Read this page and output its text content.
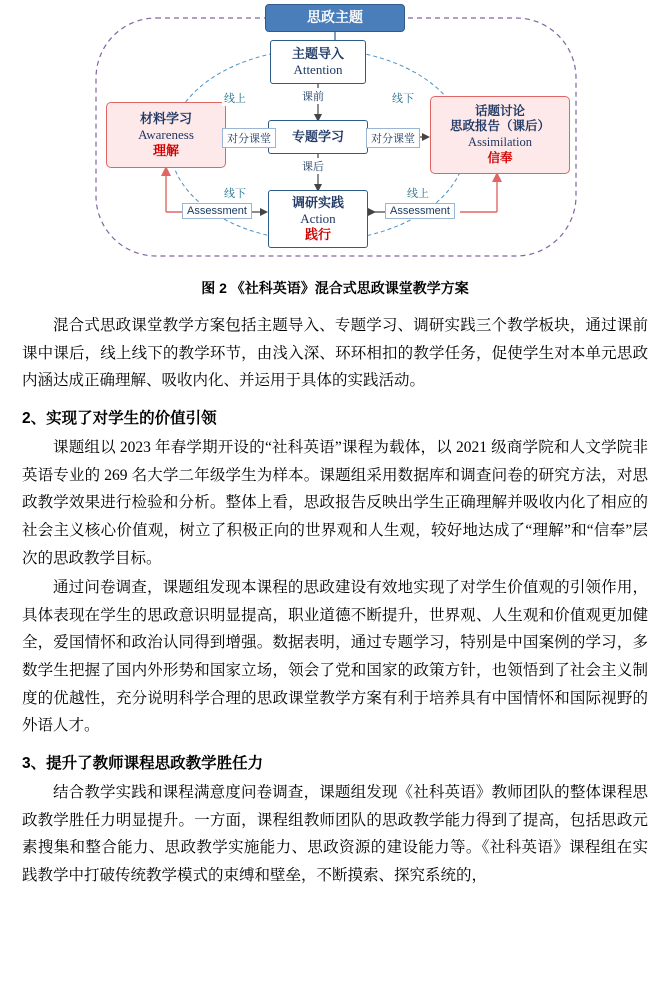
思政主题
主题导入
Attention
专题学习
调研实践
Action
践行
材料学习
Awareness
理解
话题讨论
思政报告（课后）
Assimilation
信奉
线上	线下
线下	线上
课前
课后
对分课堂	对分课堂
Assessment	Assessment
图 2 《社科英语》混合式思政课堂教学方案

混合式思政课堂教学方案包括主题导入、专题学习、调研实践三个教学板块，通过课前课中课后，线上线下的教学环节，由浅入深、环环相扣的教学任务，促使学生对本单元思政内涵达成正确理解、吸收内化、并运用于具体的实践活动。

2、实现了对学生的价值引领

课题组以 2023 年春学期开设的“社科英语”课程为载体，以 2021 级商学院和人文学院非英语专业的 269 名大学二年级学生为样本。课题组采用数据库和调查问卷的研究方法，对思政教学效果进行检验和分析。整体上看，思政报告反映出学生正确理解并吸收内化了相应的社会主义核心价值观，树立了积极正向的世界观和人生观，较好地达成了“理解”和“信奉”层次的思政教学目标。

通过问卷调查，课题组发现本课程的思政建设有效地实现了对学生价值观的引领作用，具体表现在学生的思政意识明显提高，职业道德不断提升，世界观、人生观和价值观更加健全，爱国情怀和政治认同得到增强。数据表明，通过专题学习，特别是中国案例的学习，多数学生把握了国内外形势和国家立场，领会了党和国家的政策方针，也领悟到了社会主义制度的优越性，充分说明科学合理的思政课堂教学方案有利于培养具有中国情怀和国际视野的外语人才。

3、提升了教师课程思政教学胜任力

结合教学实践和课程满意度问卷调查，课题组发现《社科英语》教师团队的整体课程思政教学胜任力明显提升。一方面，课程组教师团队的思政教学能力得到了提高，包括思政元素搜集和整合能力、思政教学实施能力、思政资源的建设能力等。《社科英语》课程组在实践教学中打破传统教学模式的束缚和壁垒，不断摸索、探究系统的，
